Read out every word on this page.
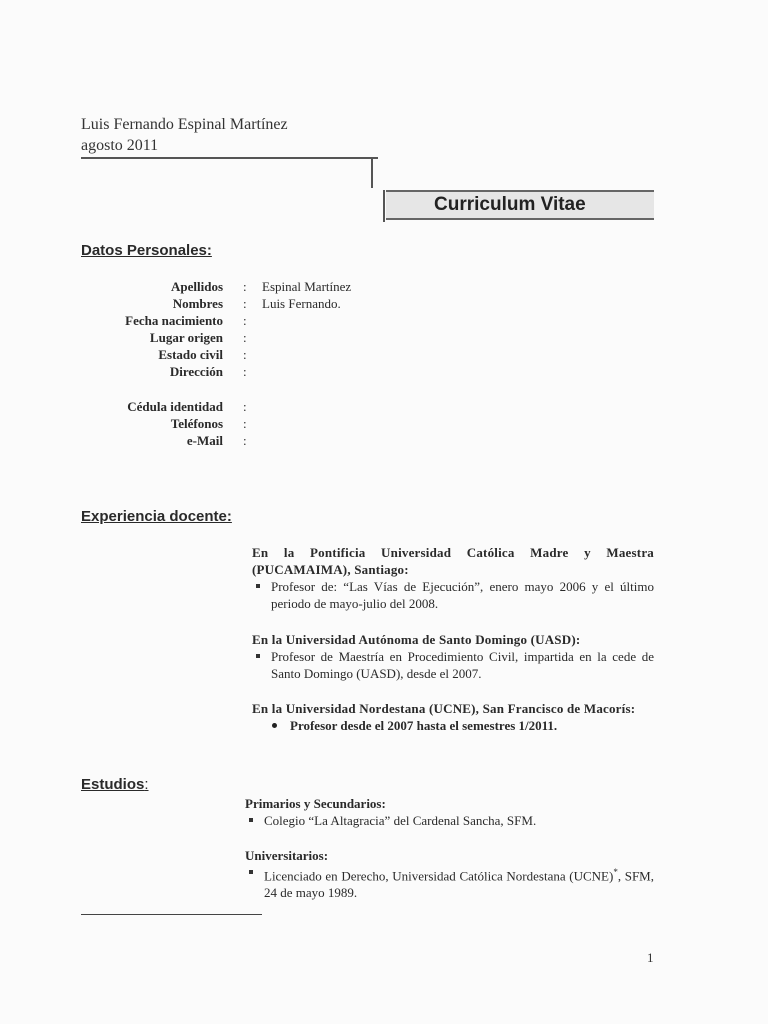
Luis Fernando Espinal Martínez
agosto 2011
Curriculum Vitae
Datos Personales:
Apellidos : Espinal Martínez
Nombres : Luis Fernando.
Fecha nacimiento :
Lugar origen :
Estado civil :
Dirección :
Cédula identidad :
Teléfonos :
e-Mail :
Experiencia docente:
En la Pontificia Universidad Católica Madre y Maestra (PUCAMAIMA), Santiago:
Profesor de: “Las Vías de Ejecución”, enero mayo 2006 y el último periodo de mayo-julio del 2008.
En la Universidad Autónoma de Santo Domingo (UASD):
Profesor de Maestría en Procedimiento Civil, impartida en la cede de Santo Domingo (UASD), desde el 2007.
En la Universidad Nordestana (UCNE), San Francisco de Macorís:
Profesor desde el 2007 hasta el semestres 1/2011.
Estudios:
Primarios y Secundarios:
Colegio “La Altagracia” del Cardenal Sancha, SFM.
Universitarios:
Licenciado en Derecho, Universidad Católica Nordestana (UCNE)*, SFM, 24 de mayo 1989.
1
